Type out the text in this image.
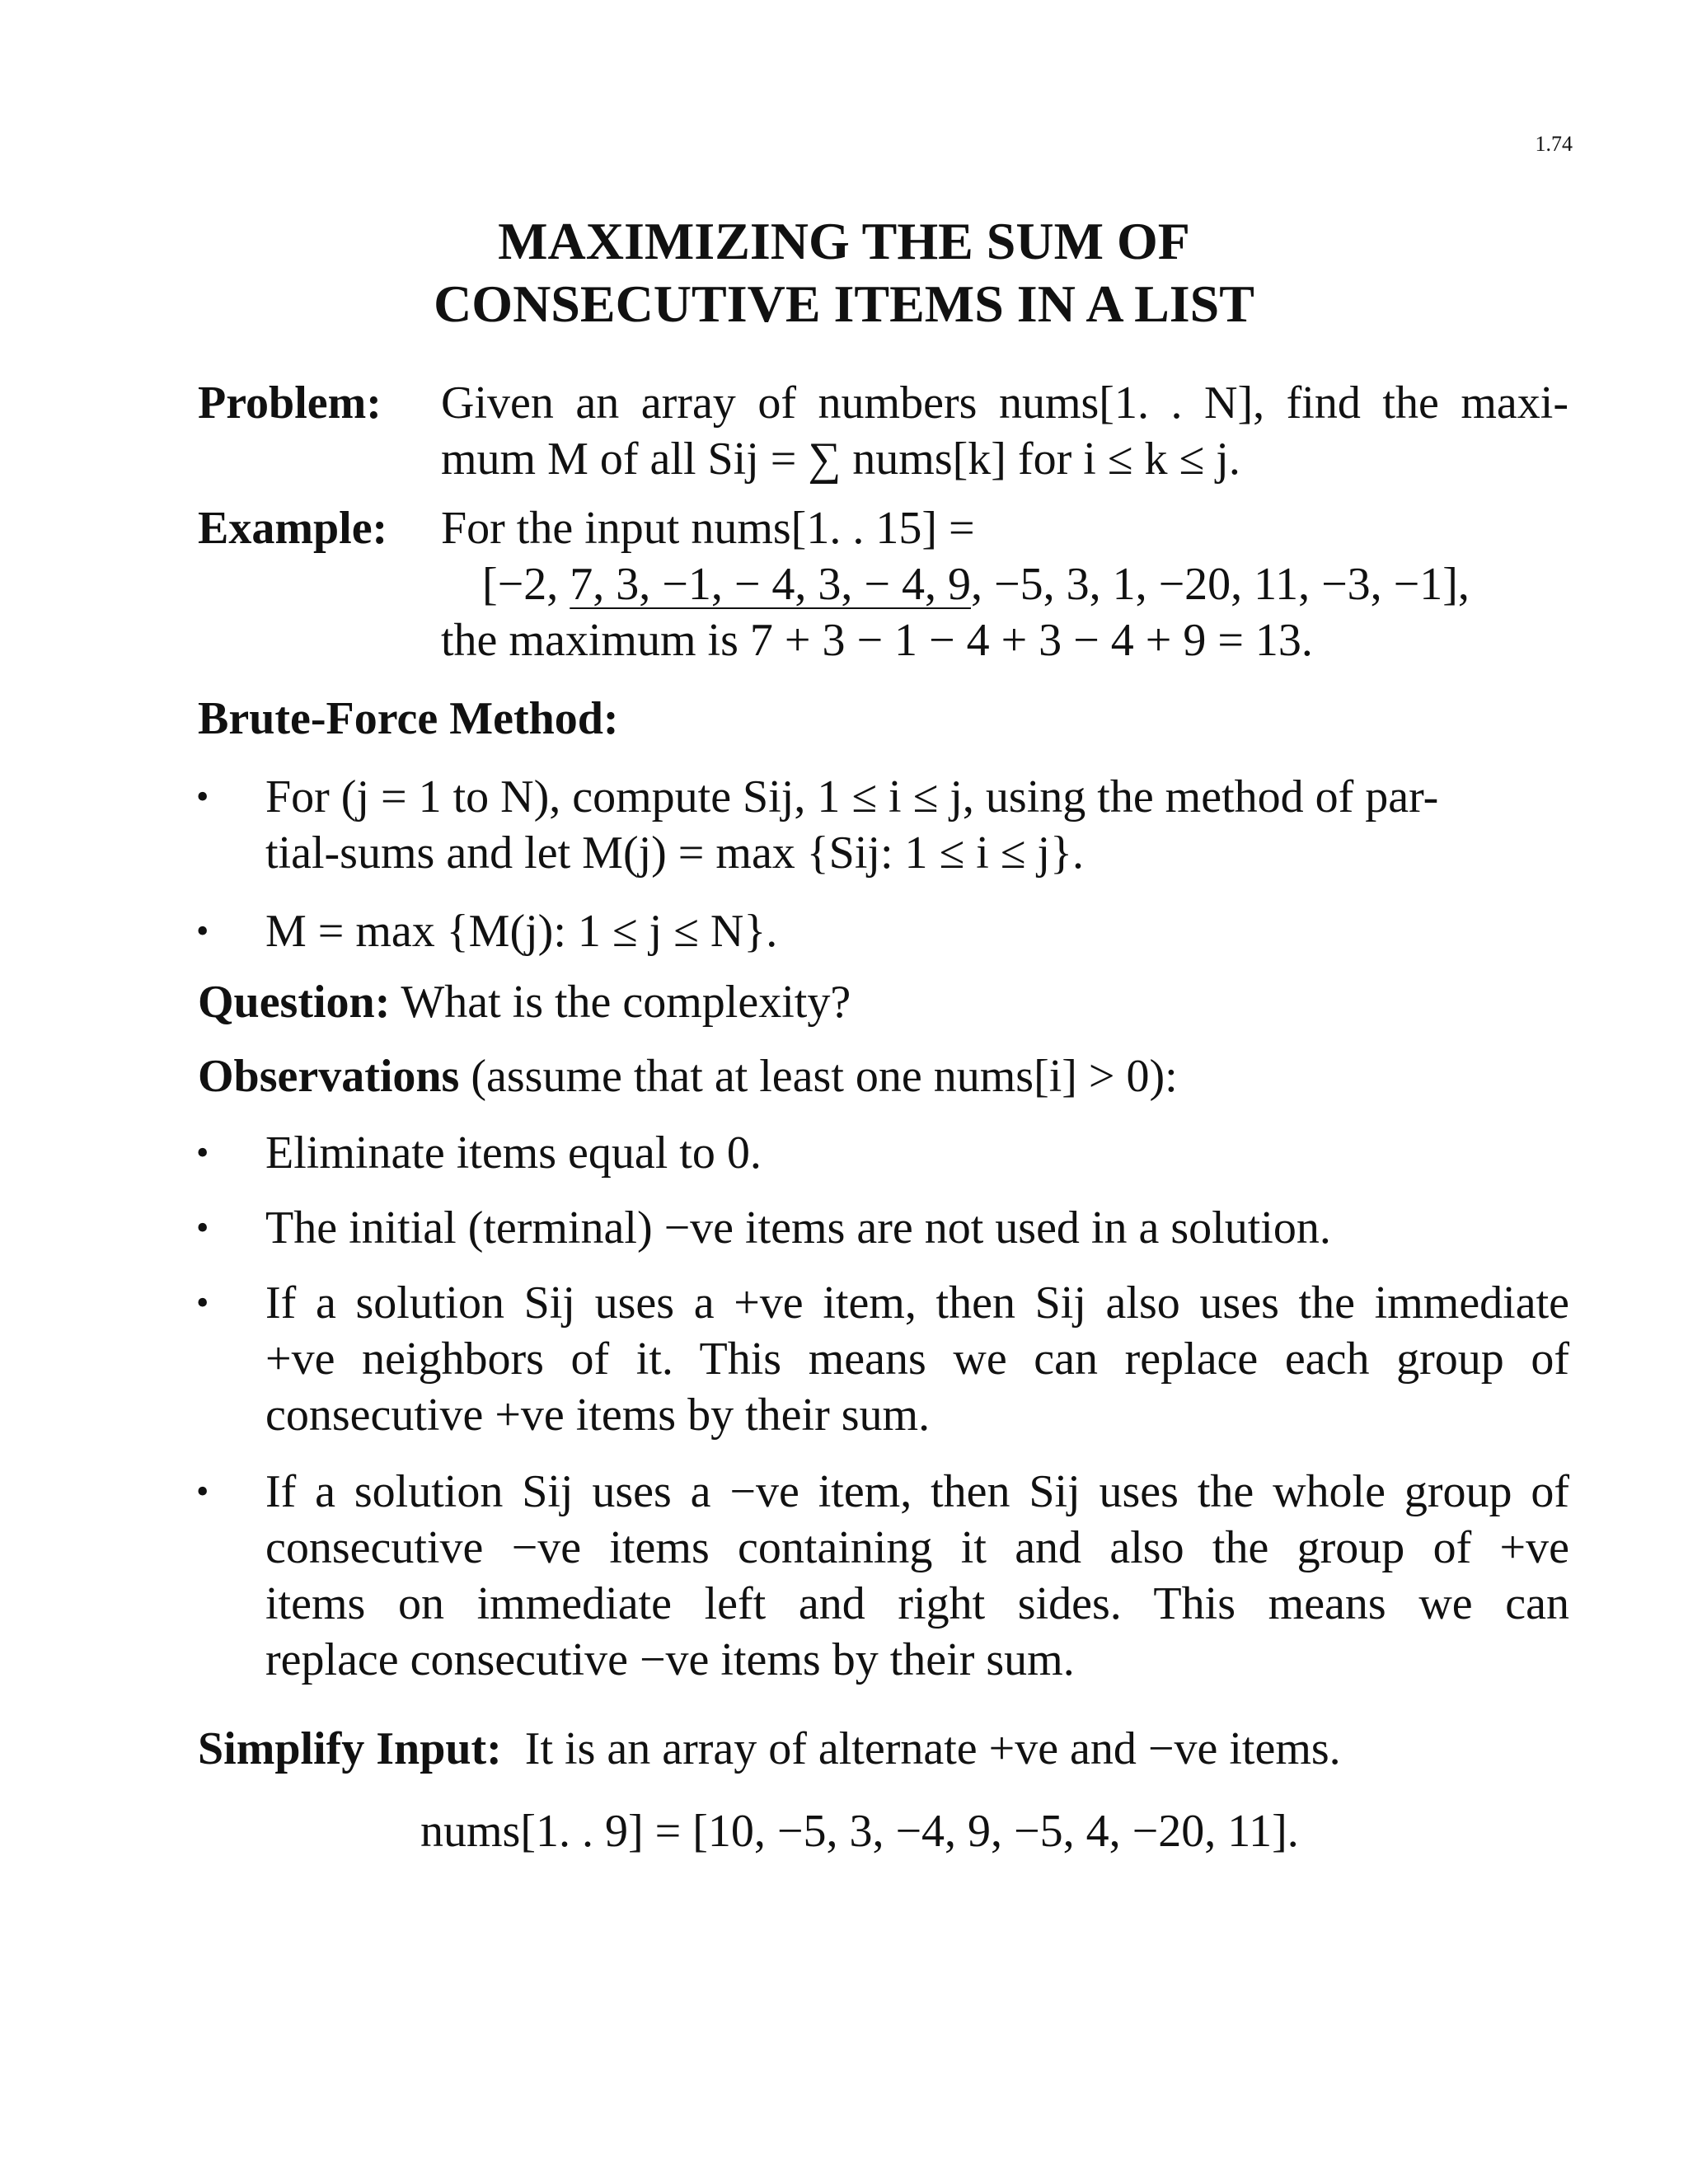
1.74
MAXIMIZING THE SUM OF
CONSECUTIVE ITEMS IN A LIST
Problem: Given an array of numbers nums[1. . N], find the maxi-
mum M of all Sij = ∑ nums[k] for i ≤ k ≤ j.
Example: For the input nums[1. . 15] =
[−2, 7, 3, −1, − 4, 3, − 4, 9, −5, 3, 1, −20, 11, −3, −1],
the maximum is 7 + 3 − 1 − 4 + 3 − 4 + 9 = 13.
Brute-Force Method:
• For (j = 1 to N), compute Sij, 1 ≤ i ≤ j, using the method of par-
tial-sums and let M(j) = max {Sij: 1 ≤ i ≤ j}.
• M = max {M(j): 1 ≤ j ≤ N}.
Question: What is the complexity?
Observations (assume that at least one nums[i] > 0):
• Eliminate items equal to 0.
• The initial (terminal) −ve items are not used in a solution.
• If a solution Sij uses a +ve item, then Sij also uses the immediate
+ve neighbors of it. This means we can replace each group of
consecutive +ve items by their sum.
• If a solution Sij uses a −ve item, then Sij uses the whole group of
consecutive −ve items containing it and also the group of +ve
items on immediate left and right sides. This means we can
replace consecutive −ve items by their sum.
Simplify Input: It is an array of alternate +ve and −ve items.
nums[1. . 9] = [10, −5, 3, −4, 9, −5, 4, −20, 11].
